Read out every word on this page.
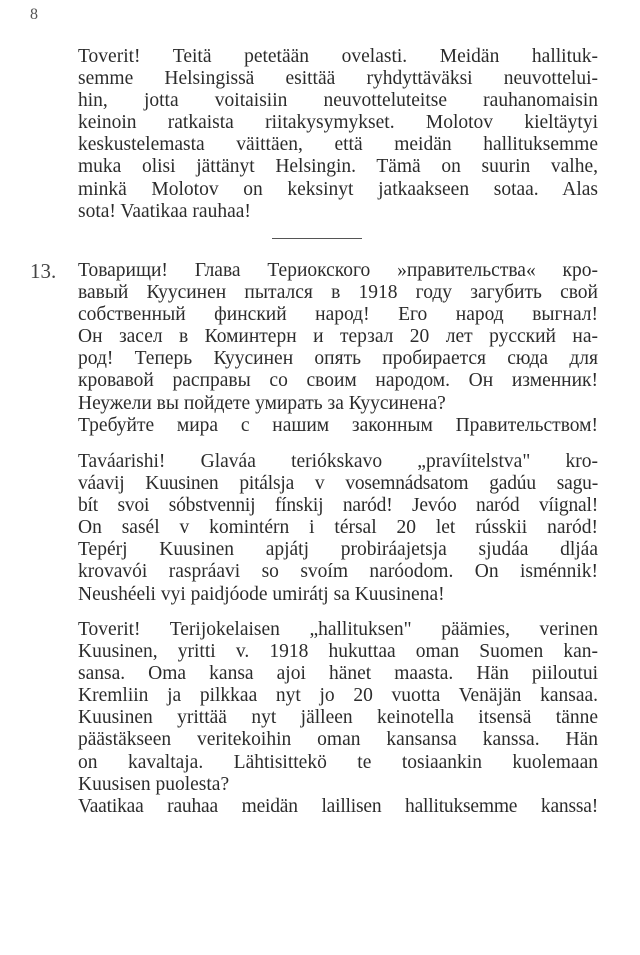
8

Toverit! Teitä petetään ovelasti. Meidän hallituk-
semme Helsingissä esittää ryhdyttäväksi neuvottelui-
hin, jotta voitaisiin neuvotteluteitse rauhanomaisin
keinoin ratkaista riitakysymykset. Molotov kieltäytyi
keskustelemasta väittäen, että meidän hallituksemme
muka olisi jättänyt Helsingin. Tämä on suurin valhe,
minkä Molotov on keksinyt jatkaakseen sotaa. Alas
sota! Vaatikaa rauhaa!

13. Товарищи! Глава Териокского »правительства« кро-
вавый Куусинен пытался в 1918 году загубить свой
собственный финский народ! Его народ выгнал!
Он засел в Коминтерн и терзал 20 лет русский на-
род! Теперь Куусинен опять пробирается сюда для
кровавой расправы со своим народом. Он изменник!
Неужели вы пойдете умирать за Куусинена?
Требуйте мира с нашим законным Правительством!

Taváarishi! Glaváa teriókskavo „pravíitelstva" kro-
váavij Kuusinen pitálsja v vosemnádsatom gadúu sagu-
bít svoi sóbstvennij fínskij naród! Jevóo naród víignal!
On sasél v komintérn i térsal 20 let rússkii naród!
Tepérj Kuusinen apjátj probiráajetsja sjudáa dljáa
krovavói raspráavi so svoím naróodom. On isménnik!
Neushéeli vyi paidjóode umirátj sa Kuusinena!

Toverit! Terijokelaisen „hallituksen" päämies, verinen
Kuusinen, yritti v. 1918 hukuttaa oman Suomen kan-
sansa. Oma kansa ajoi hänet maasta. Hän piiloutui
Kremliin ja pilkkaa nyt jo 20 vuotta Venäjän kansaa.
Kuusinen yrittää nyt jälleen keinotella itsensä tänne
päästäkseen veritekoihin oman kansansa kanssa. Hän
on kavaltaja. Lähtisittekö te tosiaankin kuolemaan
Kuusisen puolesta?
Vaatikaa rauhaa meidän laillisen hallituksemme kanssa!
